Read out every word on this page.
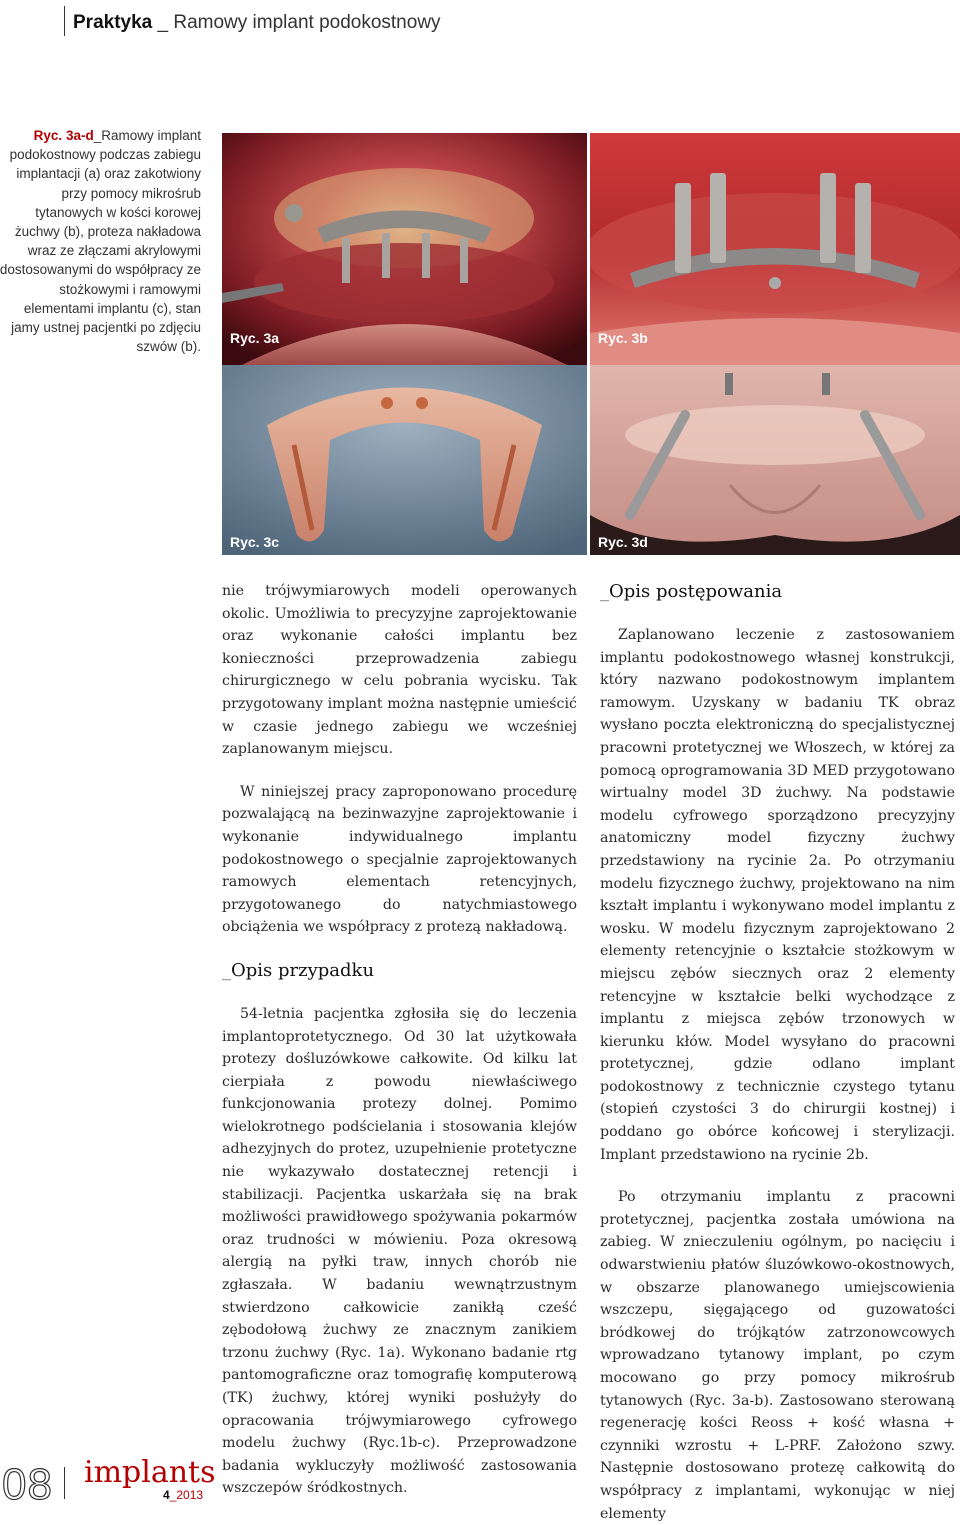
Praktyka _ Ramowy implant podokostnowy
Ryc. 3a-d_Ramowy implant podokostnowy podczas zabiegu implantacji (a) oraz zakotwiony przy pomocy mikrośrub tytanowych w kości korowej żuchwy (b), proteza nakładowa wraz ze złączami akrylowymi dostosowanymi do współpracy ze stożkowymi i ramowymi elementami implantu (c), stan jamy ustnej pacjentki po zdjęciu szwów (b).
Ryc. 3a	Ryc. 3b
Ryc. 3c	Ryc. 3d

nie trójwymiarowych modeli operowanych okolic. Umożliwia to precyzyjne zaprojektowanie oraz wykonanie całości implantu bez konieczności przeprowadzenia zabiegu chirurgicznego w celu pobrania wycisku. Tak przygotowany implant można następnie umieścić w czasie jednego zabiegu we wcześniej zaplanowanym miejscu.

W niniejszej pracy zaproponowano procedurę pozwalającą na bezinwazyjne zaprojektowanie i wykonanie indywidualnego implantu podokostnowego o specjalnie zaprojektowanych ramowych elementach retencyjnych, przygotowanego do natychmiastowego obciążenia we współpracy z protezą nakładową.

_Opis przypadku

54-letnia pacjentka zgłosiła się do leczenia implantoprotetycznego. Od 30 lat użytkowała protezy dośluzówkowe całkowite. Od kilku lat cierpiała z powodu niewłaściwego funkcjonowania protezy dolnej. Pomimo wielokrotnego podścielania i stosowania klejów adhezyjnych do protez, uzupełnienie protetyczne nie wykazywało dostatecznej retencji i stabilizacji. Pacjentka uskarżała się na brak możliwości prawidłowego spożywania pokarmów oraz trudności w mówieniu. Poza okresową alergią na pyłki traw, innych chorób nie zgłaszała. W badaniu wewnątrzustnym stwierdzono całkowicie zanikłą cześć zębodołową żuchwy ze znacznym zanikiem trzonu żuchwy (Ryc. 1a). Wykonano badanie rtg pantomograficzne oraz tomografię komputerową (TK) żuchwy, której wyniki posłużyły do opracowania trójwymiarowego cyfrowego modelu żuchwy (Ryc.1b-c). Przeprowadzone badania wykluczyły możliwość zastosowania wszczepów śródkostnych.

_Opis postępowania

Zaplanowano leczenie z zastosowaniem implantu podokostnowego własnej konstrukcji, który nazwano podokostnowym implantem ramowym. Uzyskany w badaniu TK obraz wysłano poczta elektroniczną do specjalistycznej pracowni protetycznej we Włoszech, w której za pomocą oprogramowania 3D MED przygotowano wirtualny model 3D żuchwy. Na podstawie modelu cyfrowego sporządzono precyzyjny anatomiczny model fizyczny żuchwy przedstawiony na rycinie 2a. Po otrzymaniu modelu fizycznego żuchwy, projektowano na nim kształt implantu i wykonywano model implantu z wosku. W modelu fizycznym zaprojektowano 2 elementy retencyjnie o kształcie stożkowym w miejscu zębów siecznych oraz 2 elementy retencyjne w kształcie belki wychodzące z implantu z miejsca zębów trzonowych w kierunku kłów. Model wysyłano do pracowni protetycznej, gdzie odlano implant podokostnowy z technicznie czystego tytanu (stopień czystości 3 do chirurgii kostnej) i poddano go obórce końcowej i sterylizacji. Implant przedstawiono na rycinie 2b.

Po otrzymaniu implantu z pracowni protetycznej, pacjentka została umówiona na zabieg. W znieczuleniu ogólnym, po nacięciu i odwarstwieniu płatów śluzówkowo-okostnowych, w obszarze planowanego umiejscowienia wszczepu, sięgającego od guzowatości bródkowej do trójkątów zatrzonowcowych wprowadzano tytanowy implant, po czym mocowano go przy pomocy mikrośrub tytanowych (Ryc. 3a-b). Zastosowano sterowaną regenerację kości Reoss + kość własna + czynniki wzrostu + L-PRF. Założono szwy. Następnie dostosowano protezę całkowitą do współpracy z implantami, wykonując w niej elementy

08 implants
4_2013
